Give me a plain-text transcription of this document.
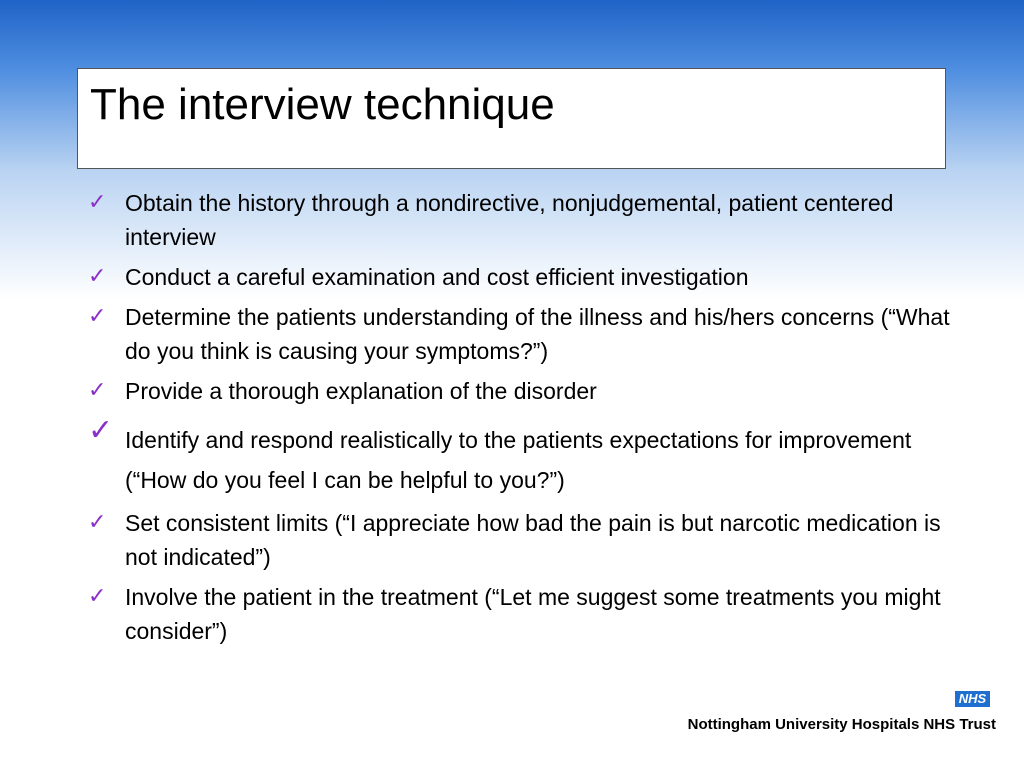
The interview technique
✓ Obtain the history through a nondirective, nonjudgemental, patient centered interview
✓ Conduct a careful examination and cost efficient investigation
✓ Determine the patients understanding of the illness and his/hers concerns (“What do you think is causing your symptoms?”)
✓ Provide a thorough explanation of the disorder
✓ Identify and respond realistically to the patients expectations for improvement (“How do you feel I can be helpful to you?”)
✓ Set consistent limits (“I appreciate how bad the pain is but narcotic medication is not indicated”)
✓ Involve the patient in the treatment (“Let me suggest some treatments you might consider”)
NHS
Nottingham University Hospitals NHS Trust
